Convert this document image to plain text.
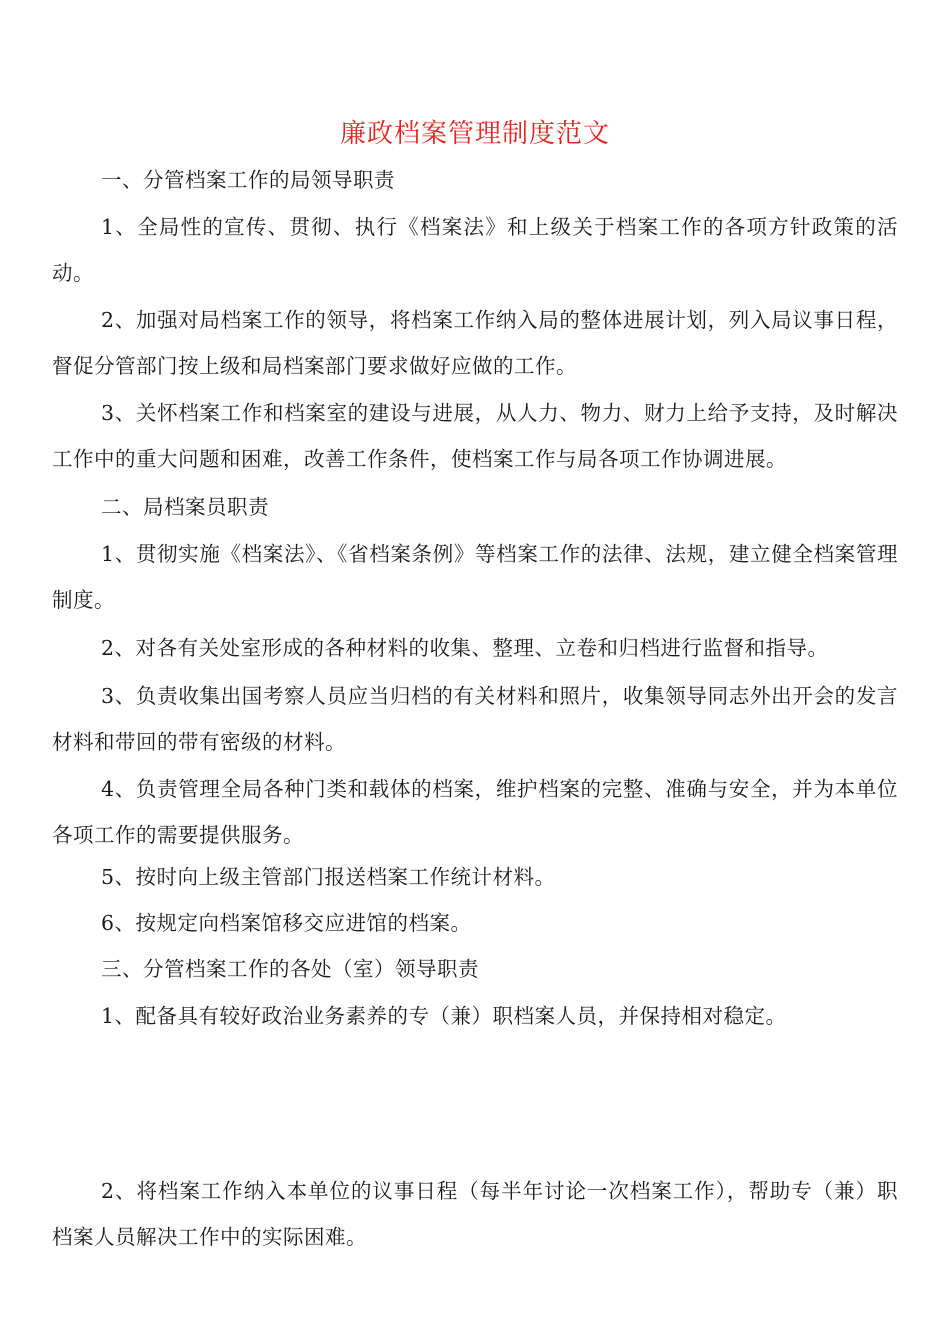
廉政档案管理制度范文

一、分管档案工作的局领导职责

1、全局性的宣传、贯彻、执行《档案法》和上级关于档案工作的各项方针政策的活动。

2、加强对局档案工作的领导，将档案工作纳入局的整体进展计划，列入局议事日程，督促分管部门按上级和局档案部门要求做好应做的工作。

3、关怀档案工作和档案室的建设与进展，从人力、物力、财力上给予支持，及时解决工作中的重大问题和困难，改善工作条件，使档案工作与局各项工作协调进展。

二、局档案员职责

1、贯彻实施《档案法》、《省档案条例》等档案工作的法律、法规，建立健全档案管理制度。

2、对各有关处室形成的各种材料的收集、整理、立卷和归档进行监督和指导。

3、负责收集出国考察人员应当归档的有关材料和照片，收集领导同志外出开会的发言材料和带回的带有密级的材料。

4、负责管理全局各种门类和载体的档案，维护档案的完整、准确与安全，并为本单位各项工作的需要提供服务。

5、按时向上级主管部门报送档案工作统计材料。

6、按规定向档案馆移交应进馆的档案。

三、分管档案工作的各处（室）领导职责

1、配备具有较好政治业务素养的专（兼）职档案人员，并保持相对稳定。

2、将档案工作纳入本单位的议事日程（每半年讨论一次档案工作），帮助专（兼）职档案人员解决工作中的实际困难。
